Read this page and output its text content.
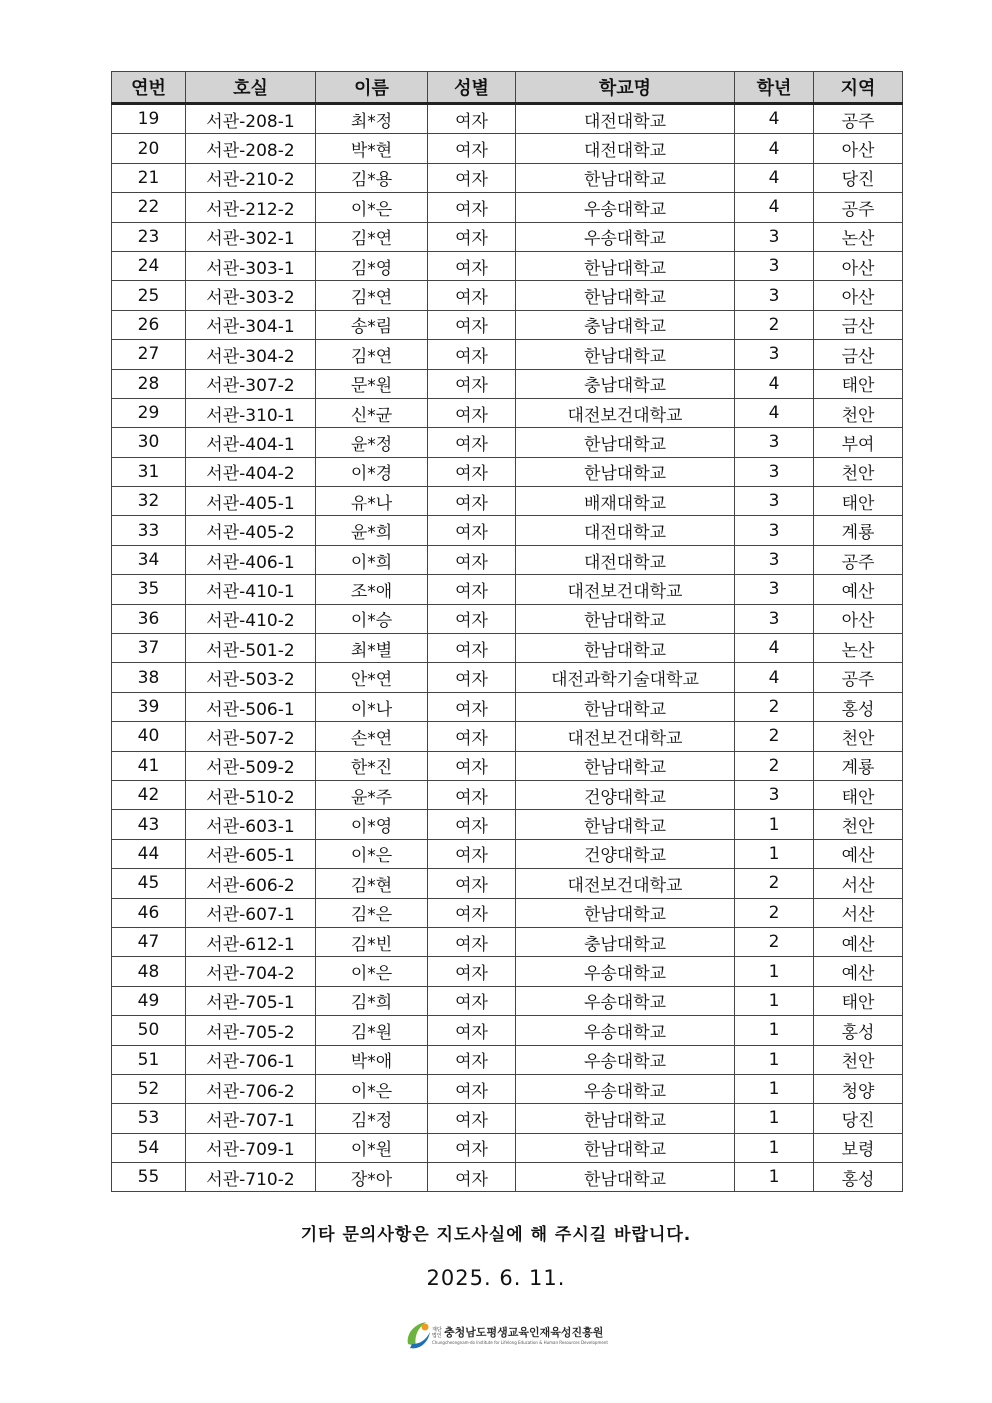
연번	호실	이름	성별	학교명	학년	지역
19	서관-208-1	최*정	여자	대전대학교	4	공주
20	서관-208-2	박*현	여자	대전대학교	4	아산
21	서관-210-2	김*용	여자	한남대학교	4	당진
22	서관-212-2	이*은	여자	우송대학교	4	공주
23	서관-302-1	김*연	여자	우송대학교	3	논산
24	서관-303-1	김*영	여자	한남대학교	3	아산
25	서관-303-2	김*연	여자	한남대학교	3	아산
26	서관-304-1	송*림	여자	충남대학교	2	금산
27	서관-304-2	김*연	여자	한남대학교	3	금산
28	서관-307-2	문*원	여자	충남대학교	4	태안
29	서관-310-1	신*균	여자	대전보건대학교	4	천안
30	서관-404-1	윤*정	여자	한남대학교	3	부여
31	서관-404-2	이*경	여자	한남대학교	3	천안
32	서관-405-1	유*나	여자	배재대학교	3	태안
33	서관-405-2	윤*희	여자	대전대학교	3	계룡
34	서관-406-1	이*희	여자	대전대학교	3	공주
35	서관-410-1	조*애	여자	대전보건대학교	3	예산
36	서관-410-2	이*승	여자	한남대학교	3	아산
37	서관-501-2	최*별	여자	한남대학교	4	논산
38	서관-503-2	안*연	여자	대전과학기술대학교	4	공주
39	서관-506-1	이*나	여자	한남대학교	2	홍성
40	서관-507-2	손*연	여자	대전보건대학교	2	천안
41	서관-509-2	한*진	여자	한남대학교	2	계룡
42	서관-510-2	윤*주	여자	건양대학교	3	태안
43	서관-603-1	이*영	여자	한남대학교	1	천안
44	서관-605-1	이*은	여자	건양대학교	1	예산
45	서관-606-2	김*현	여자	대전보건대학교	2	서산
46	서관-607-1	김*은	여자	한남대학교	2	서산
47	서관-612-1	김*빈	여자	충남대학교	2	예산
48	서관-704-2	이*은	여자	우송대학교	1	예산
49	서관-705-1	김*희	여자	우송대학교	1	태안
50	서관-705-2	김*원	여자	우송대학교	1	홍성
51	서관-706-1	박*애	여자	우송대학교	1	천안
52	서관-706-2	이*은	여자	우송대학교	1	청양
53	서관-707-1	김*정	여자	한남대학교	1	당진
54	서관-709-1	이*원	여자	한남대학교	1	보령
55	서관-710-2	장*아	여자	한남대학교	1	홍성
기타 문의사항은 지도사실에 해 주시길 바랍니다.
2025. 6. 11.
재단법인 충청남도평생교육인재육성진흥원
Chungcheongnam-do Institute for Lifelong Education & Human Resources Development
